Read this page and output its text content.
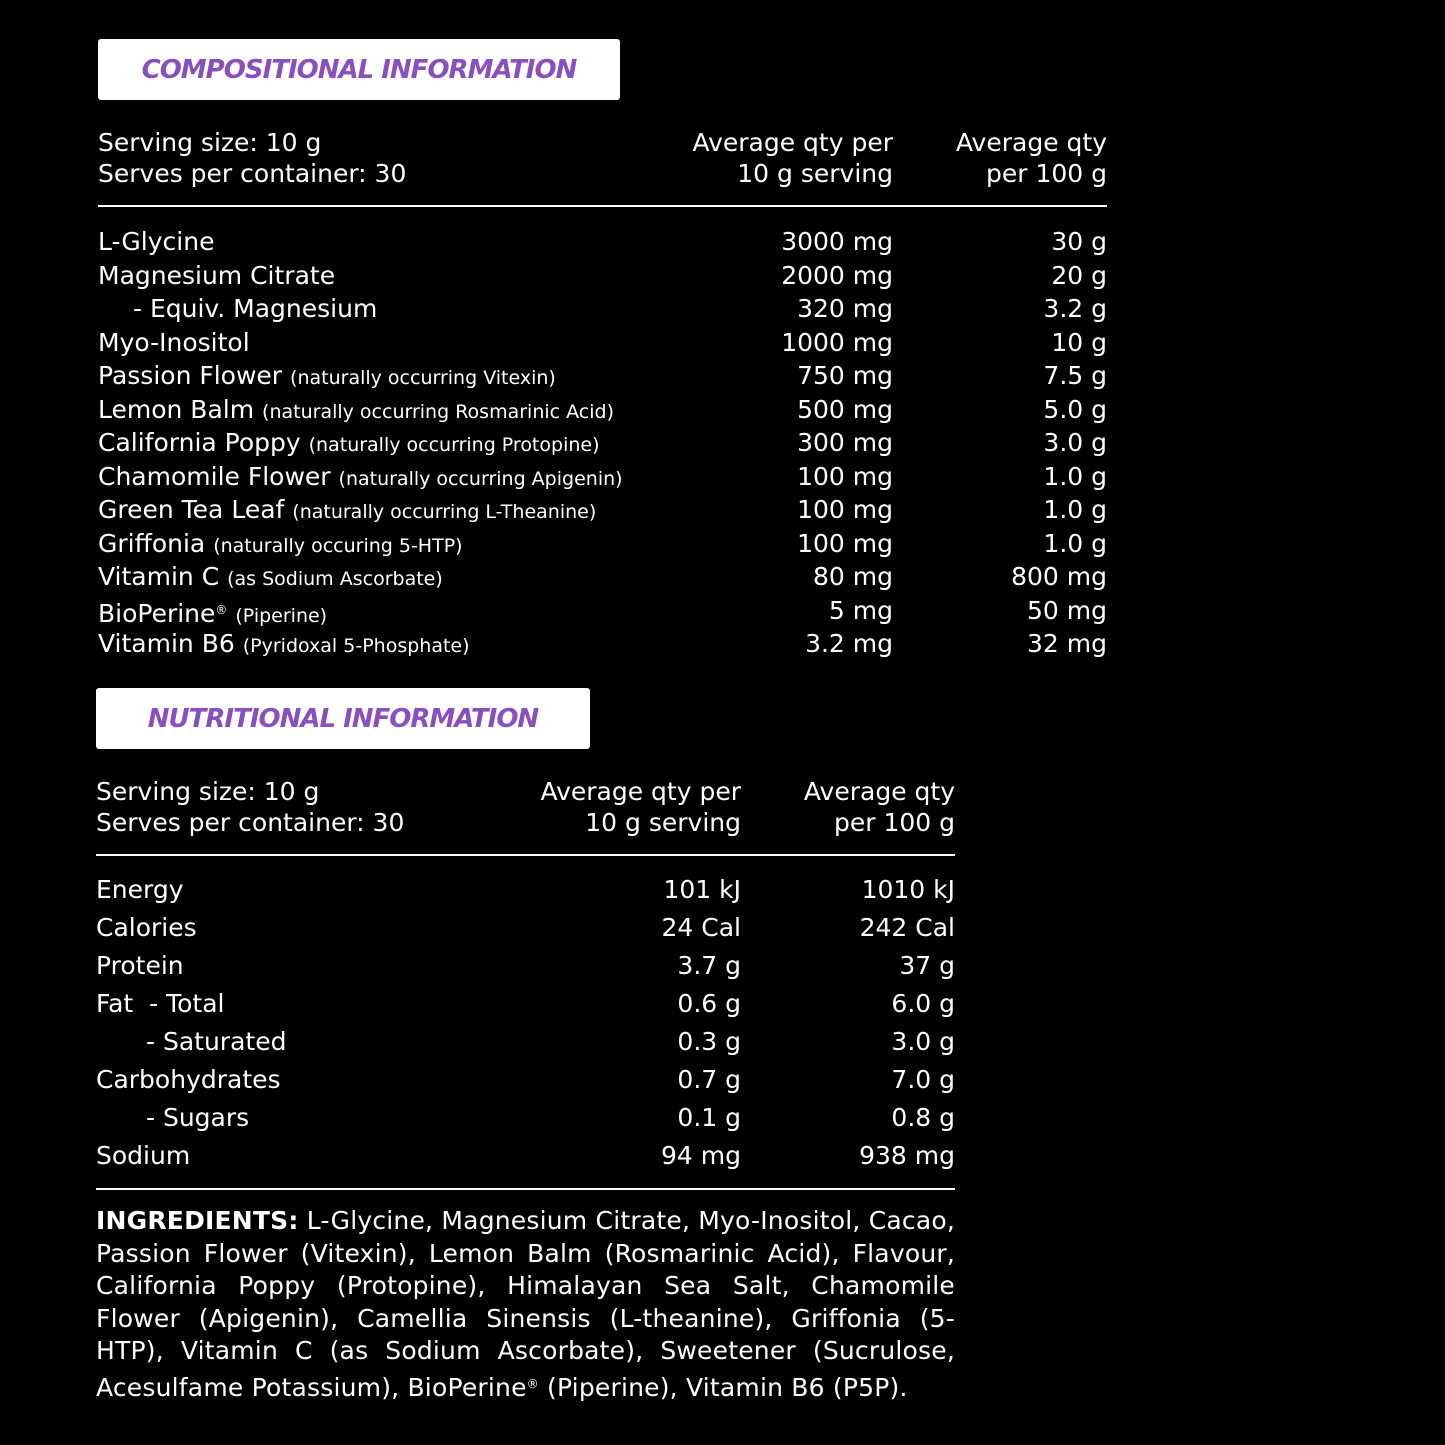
COMPOSITIONAL INFORMATION
Serving size: 10 g
Serves per container: 30
Average qty per
10 g serving
Average qty
per 100 g
L-Glycine	3000 mg	30 g
Magnesium Citrate	2000 mg	20 g
- Equiv. Magnesium	320 mg	3.2 g
Myo-Inositol	1000 mg	10 g
Passion Flower (naturally occurring Vitexin)	750 mg	7.5 g
Lemon Balm (naturally occurring Rosmarinic Acid)	500 mg	5.0 g
California Poppy (naturally occurring Protopine)	300 mg	3.0 g
Chamomile Flower (naturally occurring Apigenin)	100 mg	1.0 g
Green Tea Leaf (naturally occurring L-Theanine)	100 mg	1.0 g
Griffonia (naturally occuring 5-HTP)	100 mg	1.0 g
Vitamin C (as Sodium Ascorbate)	80 mg	800 mg
BioPerine® (Piperine)	5 mg	50 mg
Vitamin B6 (Pyridoxal 5-Phosphate)	3.2 mg	32 mg
NUTRITIONAL INFORMATION
Serving size: 10 g
Serves per container: 30
Average qty per
10 g serving
Average qty
per 100 g
Energy	101 kJ	1010 kJ
Calories	24 Cal	242 Cal
Protein	3.7 g	37 g
Fat  - Total	0.6 g	6.0 g
- Saturated	0.3 g	3.0 g
Carbohydrates	0.7 g	7.0 g
- Sugars	0.1 g	0.8 g
Sodium	94 mg	938 mg
INGREDIENTS: L-Glycine, Magnesium Citrate, Myo-Inositol, Cacao, Passion Flower (Vitexin), Lemon Balm (Rosmarinic Acid), Flavour, California Poppy (Protopine), Himalayan Sea Salt, Chamomile Flower (Apigenin), Camellia Sinensis (L-theanine), Griffonia (5-HTP), Vitamin C (as Sodium Ascorbate), Sweetener (Sucrulose, Acesulfame Potassium), BioPerine® (Piperine), Vitamin B6 (P5P).
